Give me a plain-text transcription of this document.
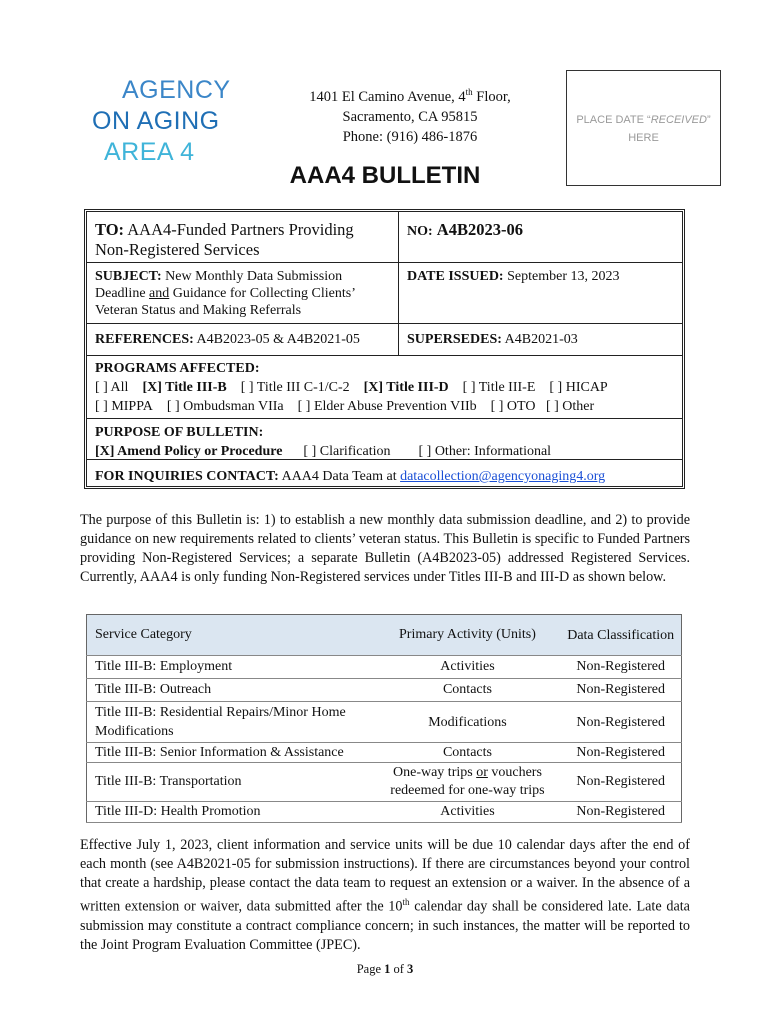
AGENCY
ON AGING
AREA 4
1401 El Camino Avenue, 4th Floor,
Sacramento, CA 95815
Phone: (916) 486-1876
PLACE DATE “RECEIVED”
HERE
AAA4 BULLETIN
TO: AAA4-Funded Partners Providing Non-Registered Services
NO: A4B2023-06
SUBJECT: New Monthly Data Submission Deadline and Guidance for Collecting Clients’ Veteran Status and Making Referrals
DATE ISSUED: September 13, 2023
REFERENCES: A4B2023-05 & A4B2021-05	SUPERSEDES: A4B2021-03
PROGRAMS AFFECTED:
[ ] All [X] Title III-B [ ] Title III C-1/C-2 [X] Title III-D [ ] Title III-E [ ] HICAP
[ ] MIPPA [ ] Ombudsman VIIa [ ] Elder Abuse Prevention VIIb [ ] OTO [ ] Other
PURPOSE OF BULLETIN:
[X] Amend Policy or Procedure [ ] Clarification [ ] Other: Informational
FOR INQUIRIES CONTACT: AAA4 Data Team at datacollection@agencyonaging4.org
The purpose of this Bulletin is: 1) to establish a new monthly data submission deadline, and 2) to provide guidance on new requirements related to clients’ veteran status. This Bulletin is specific to Funded Partners providing Non-Registered Services; a separate Bulletin (A4B2023-05) addressed Registered Services. Currently, AAA4 is only funding Non-Registered services under Titles III-B and III-D as shown below.
Service Category	Primary Activity (Units)	Data Classification
Title III-B: Employment	Activities	Non-Registered
Title III-B: Outreach	Contacts	Non-Registered
Title III-B: Residential Repairs/Minor Home Modifications	Modifications	Non-Registered
Title III-B: Senior Information & Assistance	Contacts	Non-Registered
Title III-B: Transportation	One-way trips or vouchers redeemed for one-way trips	Non-Registered
Title III-D: Health Promotion	Activities	Non-Registered
Effective July 1, 2023, client information and service units will be due 10 calendar days after the end of each month (see A4B2021-05 for submission instructions). If there are circumstances beyond your control that create a hardship, please contact the data team to request an extension or a waiver. In the absence of a written extension or waiver, data submitted after the 10th calendar day shall be considered late. Late data submission may constitute a contract compliance concern; in such instances, the matter will be reported to the Joint Program Evaluation Committee (JPEC).
Page 1 of 3
